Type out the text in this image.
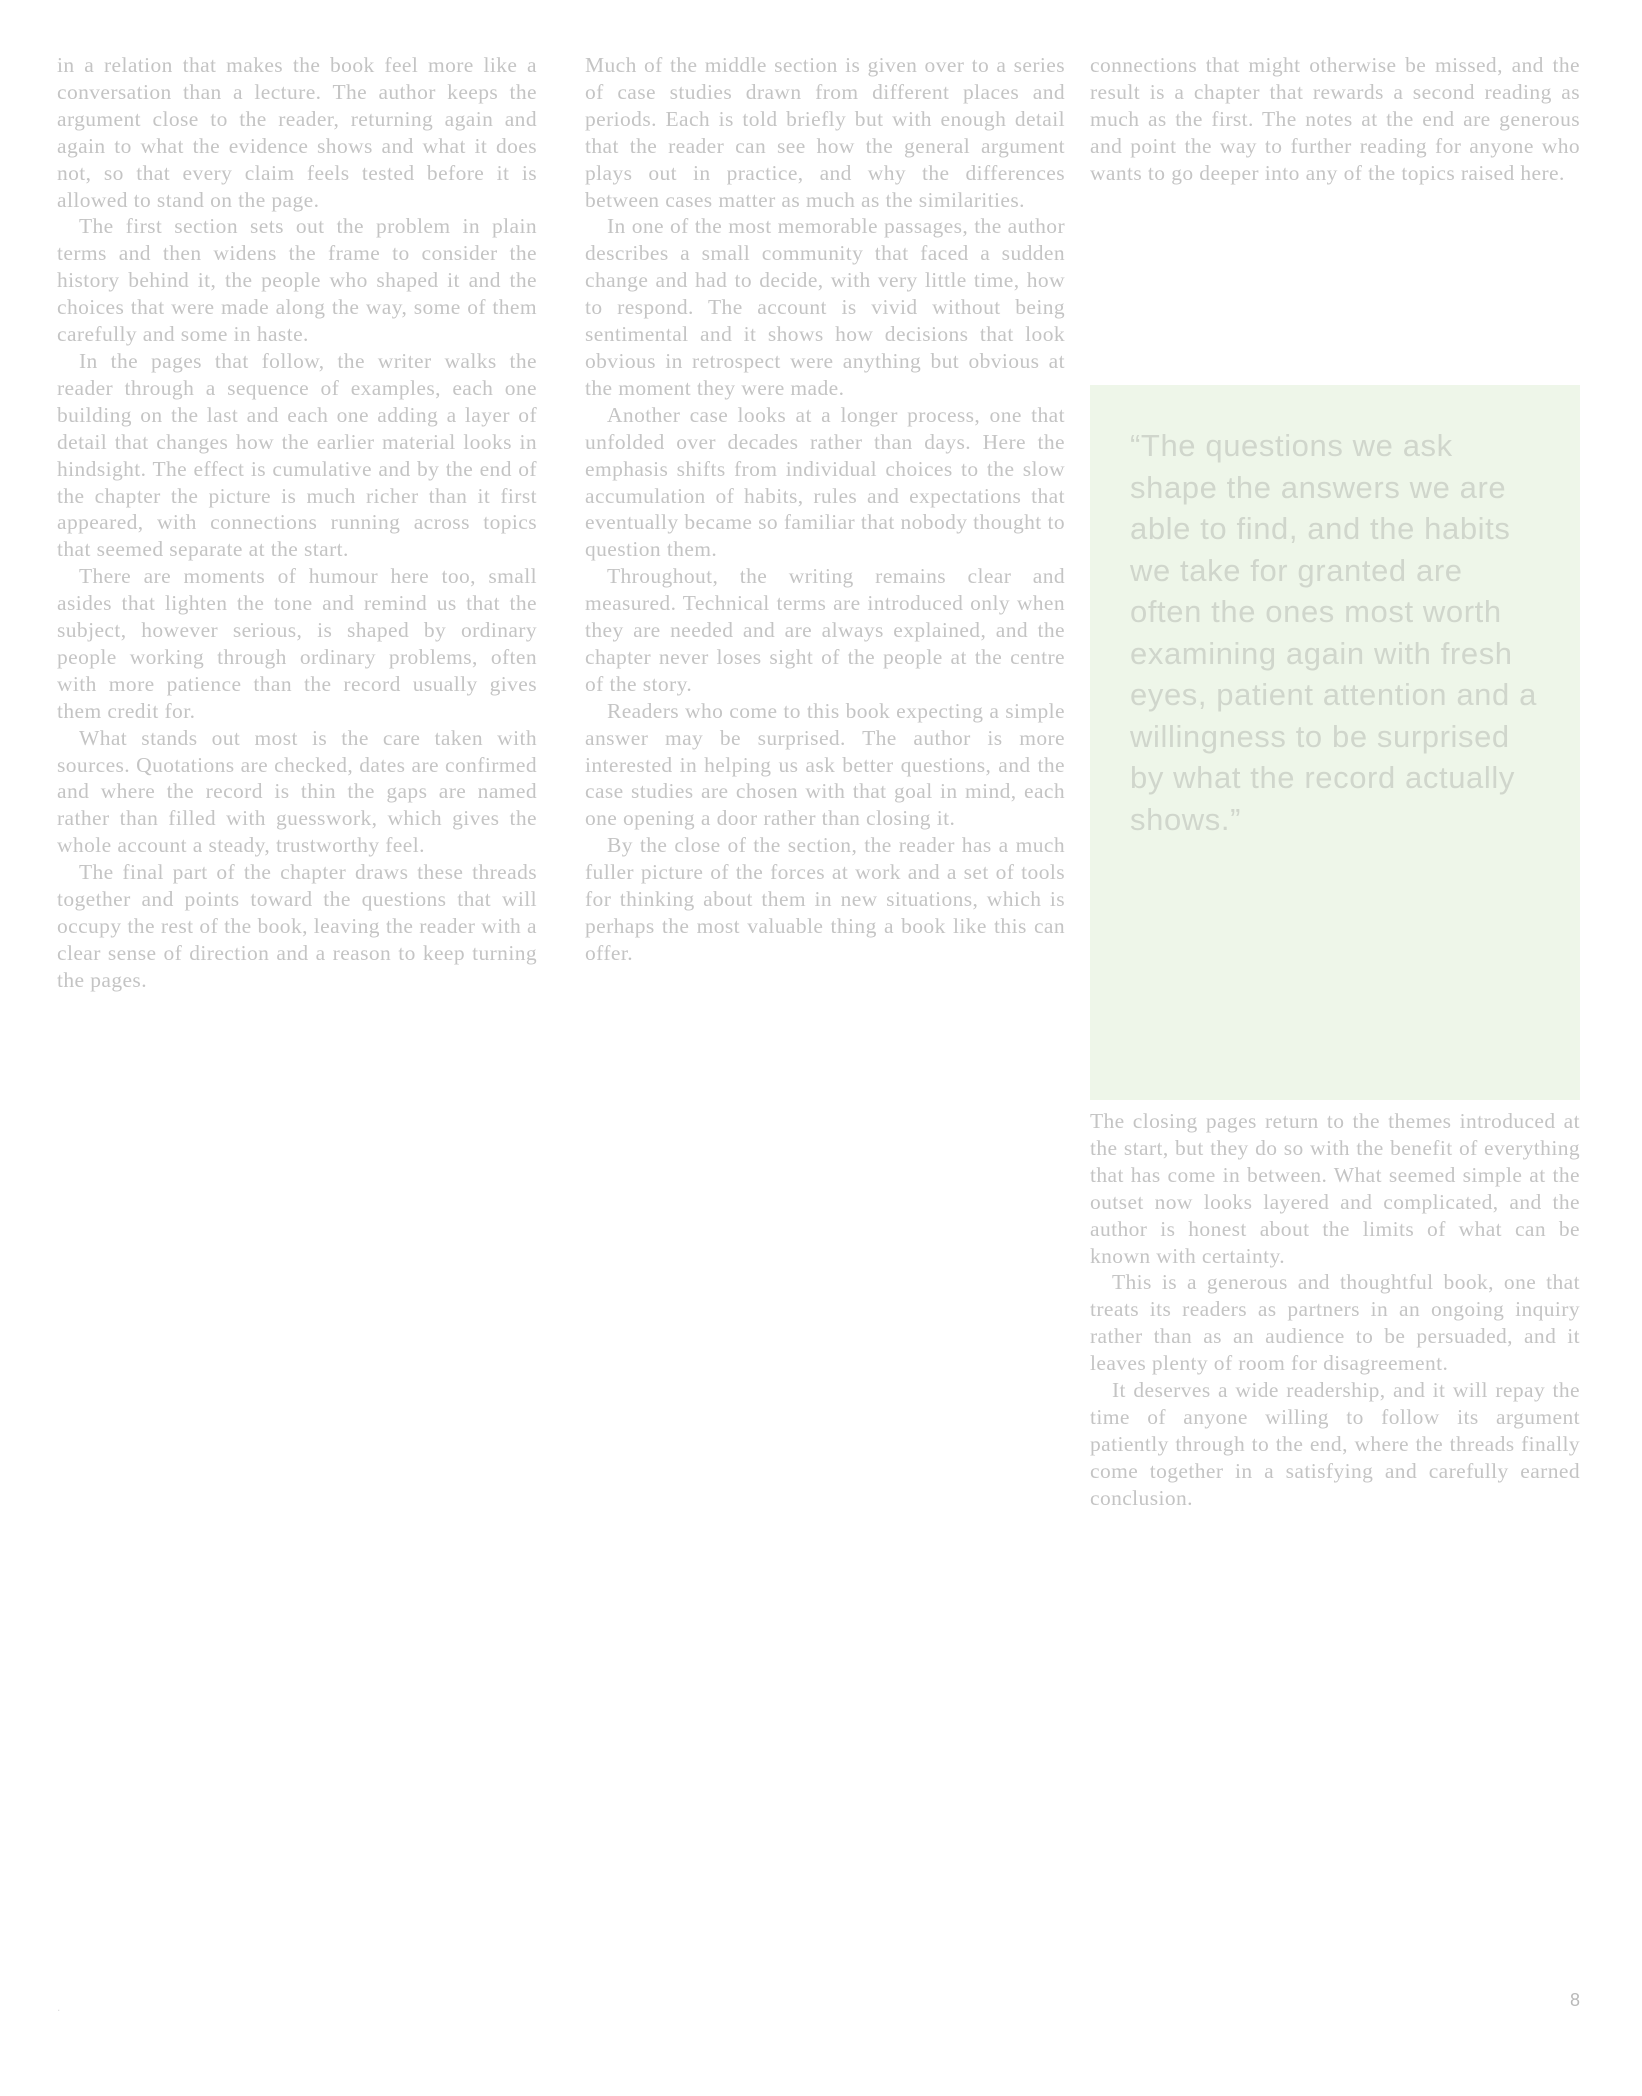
in a relation that makes the book feel more like a conversation than a lecture. The author keeps the argument close to the reader, returning again and again to what the evidence shows and what it does not, so that every claim feels tested before it is allowed to stand on the page.

The first section sets out the problem in plain terms and then widens the frame to consider the history behind it, the people who shaped it and the choices that were made along the way, some of them carefully and some in haste.

In the pages that follow, the writer walks the reader through a sequence of examples, each one building on the last and each one adding a layer of detail that changes how the earlier material looks in hindsight. The effect is cumulative and by the end of the chapter the picture is much richer than it first appeared, with connections running across topics that seemed separate at the start.

There are moments of humour here too, small asides that lighten the tone and remind us that the subject, however serious, is shaped by ordinary people working through ordinary problems, often with more patience than the record usually gives them credit for.

What stands out most is the care taken with sources. Quotations are checked, dates are confirmed and where the record is thin the gaps are named rather than filled with guesswork, which gives the whole account a steady, trustworthy feel.

The final part of the chapter draws these threads together and points toward the questions that will occupy the rest of the book, leaving the reader with a clear sense of direction and a reason to keep turning the pages.

Much of the middle section is given over to a series of case studies drawn from different places and periods. Each is told briefly but with enough detail that the reader can see how the general argument plays out in practice, and why the differences between cases matter as much as the similarities.

In one of the most memorable passages, the author describes a small community that faced a sudden change and had to decide, with very little time, how to respond. The account is vivid without being sentimental and it shows how decisions that look obvious in retrospect were anything but obvious at the moment they were made.

Another case looks at a longer process, one that unfolded over decades rather than days. Here the emphasis shifts from individual choices to the slow accumulation of habits, rules and expectations that eventually became so familiar that nobody thought to question them.

Throughout, the writing remains clear and measured. Technical terms are introduced only when they are needed and are always explained, and the chapter never loses sight of the people at the centre of the story.

Readers who come to this book expecting a simple answer may be surprised. The author is more interested in helping us ask better questions, and the case studies are chosen with that goal in mind, each one opening a door rather than closing it.

By the close of the section, the reader has a much fuller picture of the forces at work and a set of tools for thinking about them in new situations, which is perhaps the most valuable thing a book like this can offer.

connections that might otherwise be missed, and the result is a chapter that rewards a second reading as much as the first. The notes at the end are generous and point the way to further reading for anyone who wants to go deeper into any of the topics raised here.

“The questions we ask shape the answers we are able to find, and the habits we take for granted are often the ones most worth examining again with fresh eyes, patient attention and a willingness to be surprised by what the record actually shows.”

The closing pages return to the themes introduced at the start, but they do so with the benefit of everything that has come in between. What seemed simple at the outset now looks layered and complicated, and the author is honest about the limits of what can be known with certainty.

This is a generous and thoughtful book, one that treats its readers as partners in an ongoing inquiry rather than as an audience to be persuaded, and it leaves plenty of room for disagreement.

It deserves a wide readership, and it will repay the time of anyone willing to follow its argument patiently through to the end, where the threads finally come together in a satisfying and carefully earned conclusion.

.	8
